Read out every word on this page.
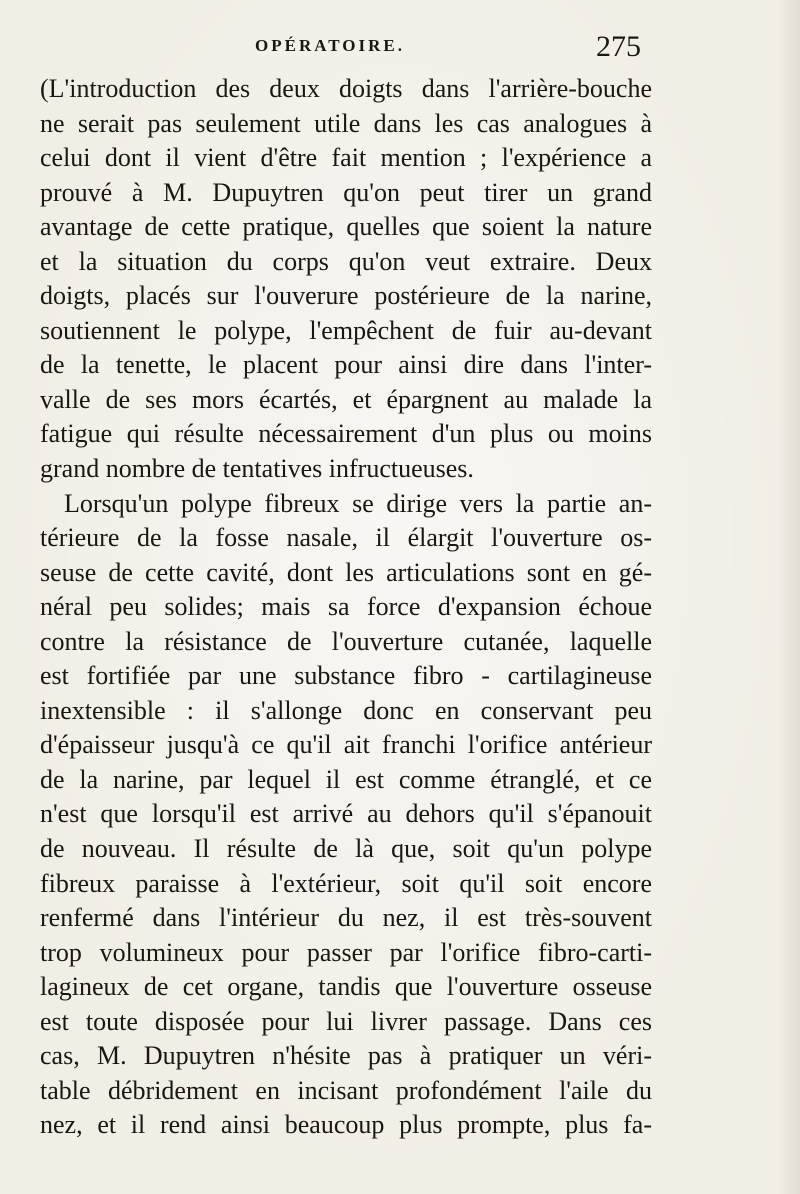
OPÉRATOIRE.	275
(L'introduction des deux doigts dans l'arrière-bouche
ne serait pas seulement utile dans les cas analogues à
celui dont il vient d'être fait mention ; l'expérience a
prouvé à M. Dupuytren qu'on peut tirer un grand
avantage de cette pratique, quelles que soient la nature
et la situation du corps qu'on veut extraire. Deux
doigts, placés sur l'ouverure postérieure de la narine,
soutiennent le polype, l'empêchent de fuir au-devant
de la tenette, le placent pour ainsi dire dans l'inter-
valle de ses mors écartés, et épargnent au malade la
fatigue qui résulte nécessairement d'un plus ou moins
grand nombre de tentatives infructueuses.
Lorsqu'un polype fibreux se dirige vers la partie an-
térieure de la fosse nasale, il élargit l'ouverture os-
seuse de cette cavité, dont les articulations sont en gé-
néral peu solides; mais sa force d'expansion échoue
contre la résistance de l'ouverture cutanée, laquelle
est fortifiée par une substance fibro - cartilagineuse
inextensible : il s'allonge donc en conservant peu
d'épaisseur jusqu'à ce qu'il ait franchi l'orifice antérieur
de la narine, par lequel il est comme étranglé, et ce
n'est que lorsqu'il est arrivé au dehors qu'il s'épanouit
de nouveau. Il résulte de là que, soit qu'un polype
fibreux paraisse à l'extérieur, soit qu'il soit encore
renfermé dans l'intérieur du nez, il est très-souvent
trop volumineux pour passer par l'orifice fibro-carti-
lagineux de cet organe, tandis que l'ouverture osseuse
est toute disposée pour lui livrer passage. Dans ces
cas, M. Dupuytren n'hésite pas à pratiquer un véri-
table débridement en incisant profondément l'aile du
nez, et il rend ainsi beaucoup plus prompte, plus fa-
